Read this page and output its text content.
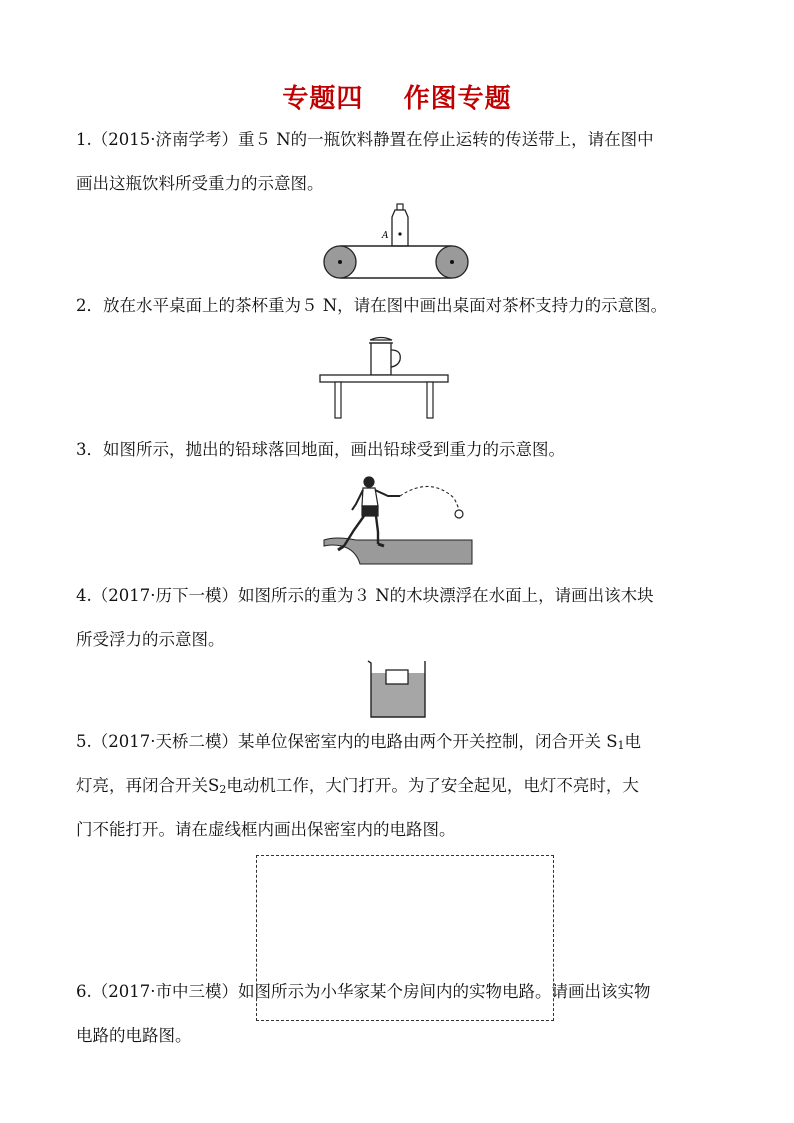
专题四    作图专题
1.（2015·济南学考）重５ N的一瓶饮料静置在停止运转的传送带上，请在图中
画出这瓶饮料所受重力的示意图。
A
2．放在水平桌面上的茶杯重为５ N，请在图中画出桌面对茶杯支持力的示意图。
3．如图所示，抛出的铅球落回地面，画出铅球受到重力的示意图。
4.（2017·历下一模）如图所示的重为３ N的木块漂浮在水面上，请画出该木块
所受浮力的示意图。
5.（2017·天桥二模）某单位保密室内的电路由两个开关控制，闭合开关 $S_1$电
灯亮，再闭合开关$S_2$电动机工作，大门打开。为了安全起见，电灯不亮时，大
门不能打开。请在虚线框内画出保密室内的电路图。
6.（2017·市中三模）如图所示为小华家某个房间内的实物电路。请画出该实物
电路的电路图。
